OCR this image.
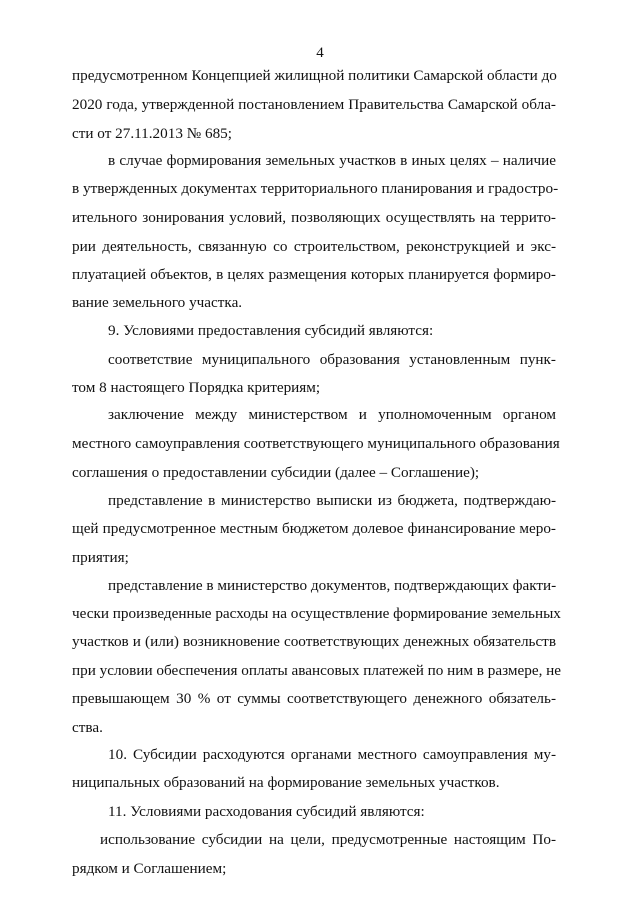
4
предусмотренном Концепцией жилищной политики Самарской области до
2020 года, утвержденной постановлением Правительства Самарской обла-
сти от 27.11.2013 № 685;
в случае формирования земельных участков в иных целях – наличие
в утвержденных документах территориального планирования и градостро-
ительного зонирования условий, позволяющих осуществлять на террито-
рии деятельность, связанную со строительством, реконструкцией и экс-
плуатацией объектов, в целях размещения которых планируется формиро-
вание земельного участка.
9. Условиями предоставления субсидий являются:
соответствие муниципального образования установленным пунк-
том 8 настоящего Порядка критериям;
заключение между министерством и уполномоченным органом
местного самоуправления соответствующего муниципального образования
соглашения о предоставлении субсидии (далее – Соглашение);
представление в министерство выписки из бюджета, подтверждаю-
щей предусмотренное местным бюджетом долевое финансирование меро-
приятия;
представление в министерство документов, подтверждающих факти-
чески произведенные расходы на осуществление формирование земельных
участков и (или) возникновение соответствующих денежных обязательств
при условии обеспечения оплаты авансовых платежей по ним в размере, не
превышающем 30 % от суммы соответствующего денежного обязатель-
ства.
10. Субсидии расходуются органами местного самоуправления му-
ниципальных образований на формирование земельных участков.
11. Условиями расходования субсидий являются:
использование субсидии на цели, предусмотренные настоящим По-
рядком и Соглашением;
